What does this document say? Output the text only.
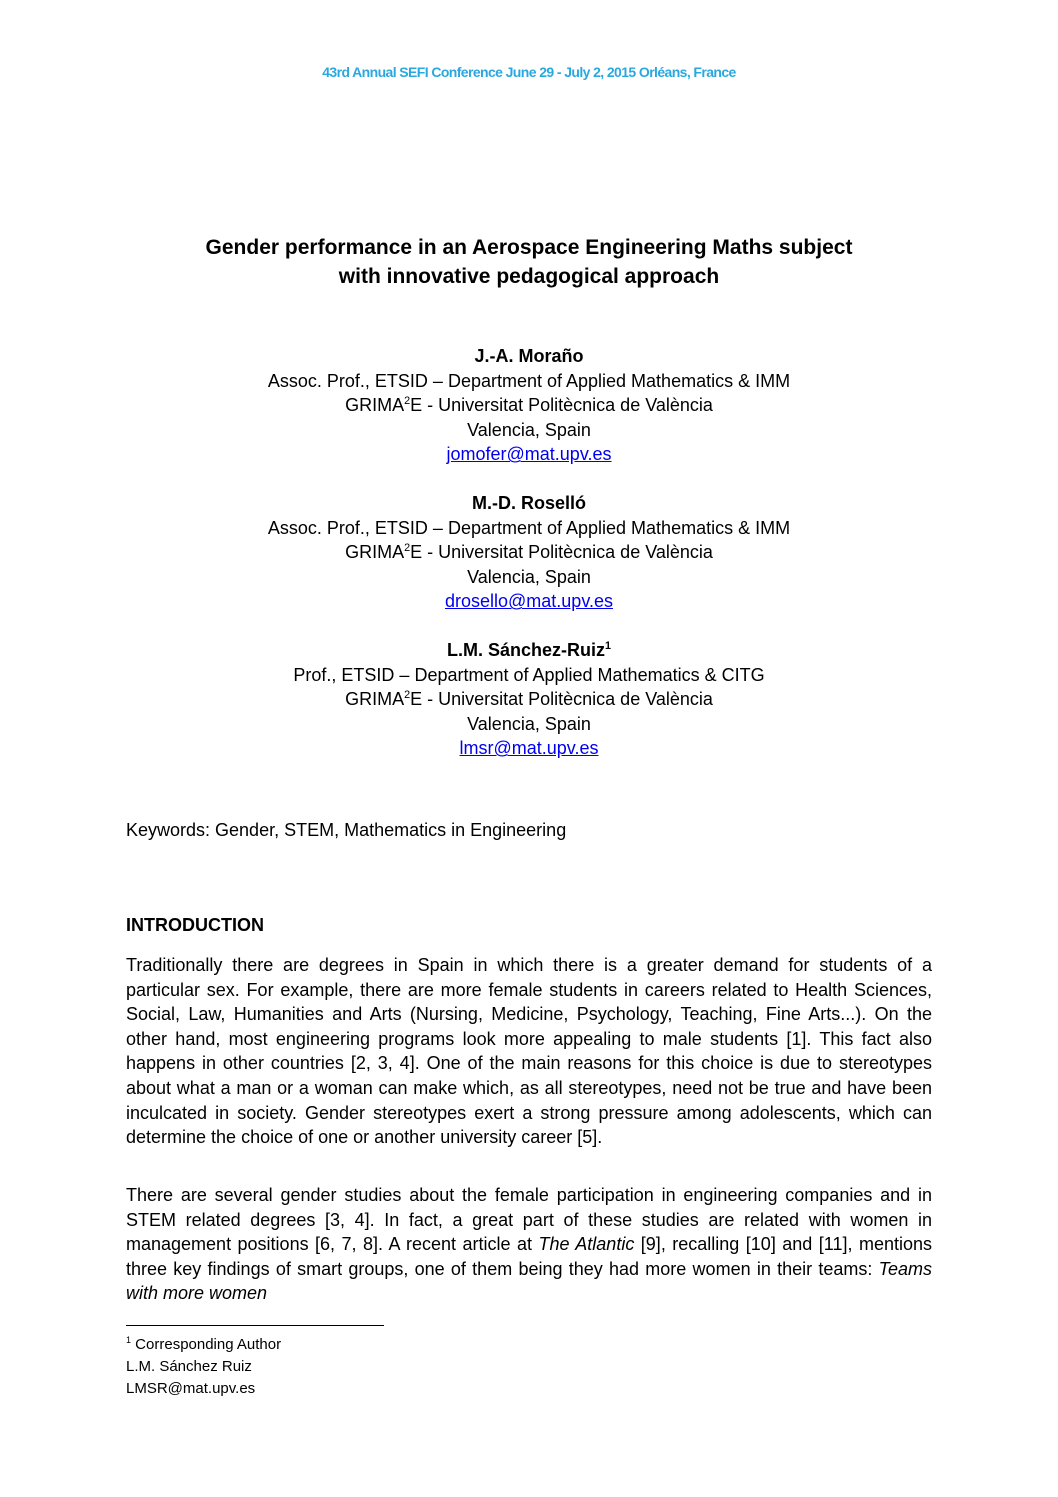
43rd Annual SEFI Conference June 29 - July 2, 2015 Orléans, France
Gender performance in an Aerospace Engineering Maths subject
with innovative pedagogical approach
J.-A. Moraño
Assoc. Prof., ETSID – Department of Applied Mathematics & IMM
GRIMA$^2$E - Universitat Politècnica de València
Valencia, Spain
jomofer@mat.upv.es
M.-D. Roselló
Assoc. Prof., ETSID – Department of Applied Mathematics & IMM
GRIMA$^2$E - Universitat Politècnica de València
Valencia, Spain
drosello@mat.upv.es
L.M. Sánchez-Ruiz$^1$
Prof., ETSID – Department of Applied Mathematics & CITG
GRIMA$^2$E - Universitat Politècnica de València
Valencia, Spain
lmsr@mat.upv.es
Keywords: Gender, STEM, Mathematics in Engineering
INTRODUCTION

Traditionally there are degrees in Spain in which there is a greater demand for students of a particular sex. For example, there are more female students in careers related to Health Sciences, Social, Law, Humanities and Arts (Nursing, Medicine, Psychology, Teaching, Fine Arts...). On the other hand, most engineering programs look more appealing to male students [1]. This fact also happens in other countries [2, 3, 4]. One of the main reasons for this choice is due to stereotypes about what a man or a woman can make which, as all stereotypes, need not be true and have been inculcated in society. Gender stereotypes exert a strong pressure among adolescents, which can determine the choice of one or another university career [5].

There are several gender studies about the female participation in engineering companies and in STEM related degrees [3, 4]. In fact, a great part of these studies are related with women in management positions [6, 7, 8]. A recent article at The Atlantic [9], recalling [10] and [11], mentions three key findings of smart groups, one of them being they had more women in their teams: Teams with more women

$^1$ Corresponding Author
L.M. Sánchez Ruiz
LMSR@mat.upv.es
